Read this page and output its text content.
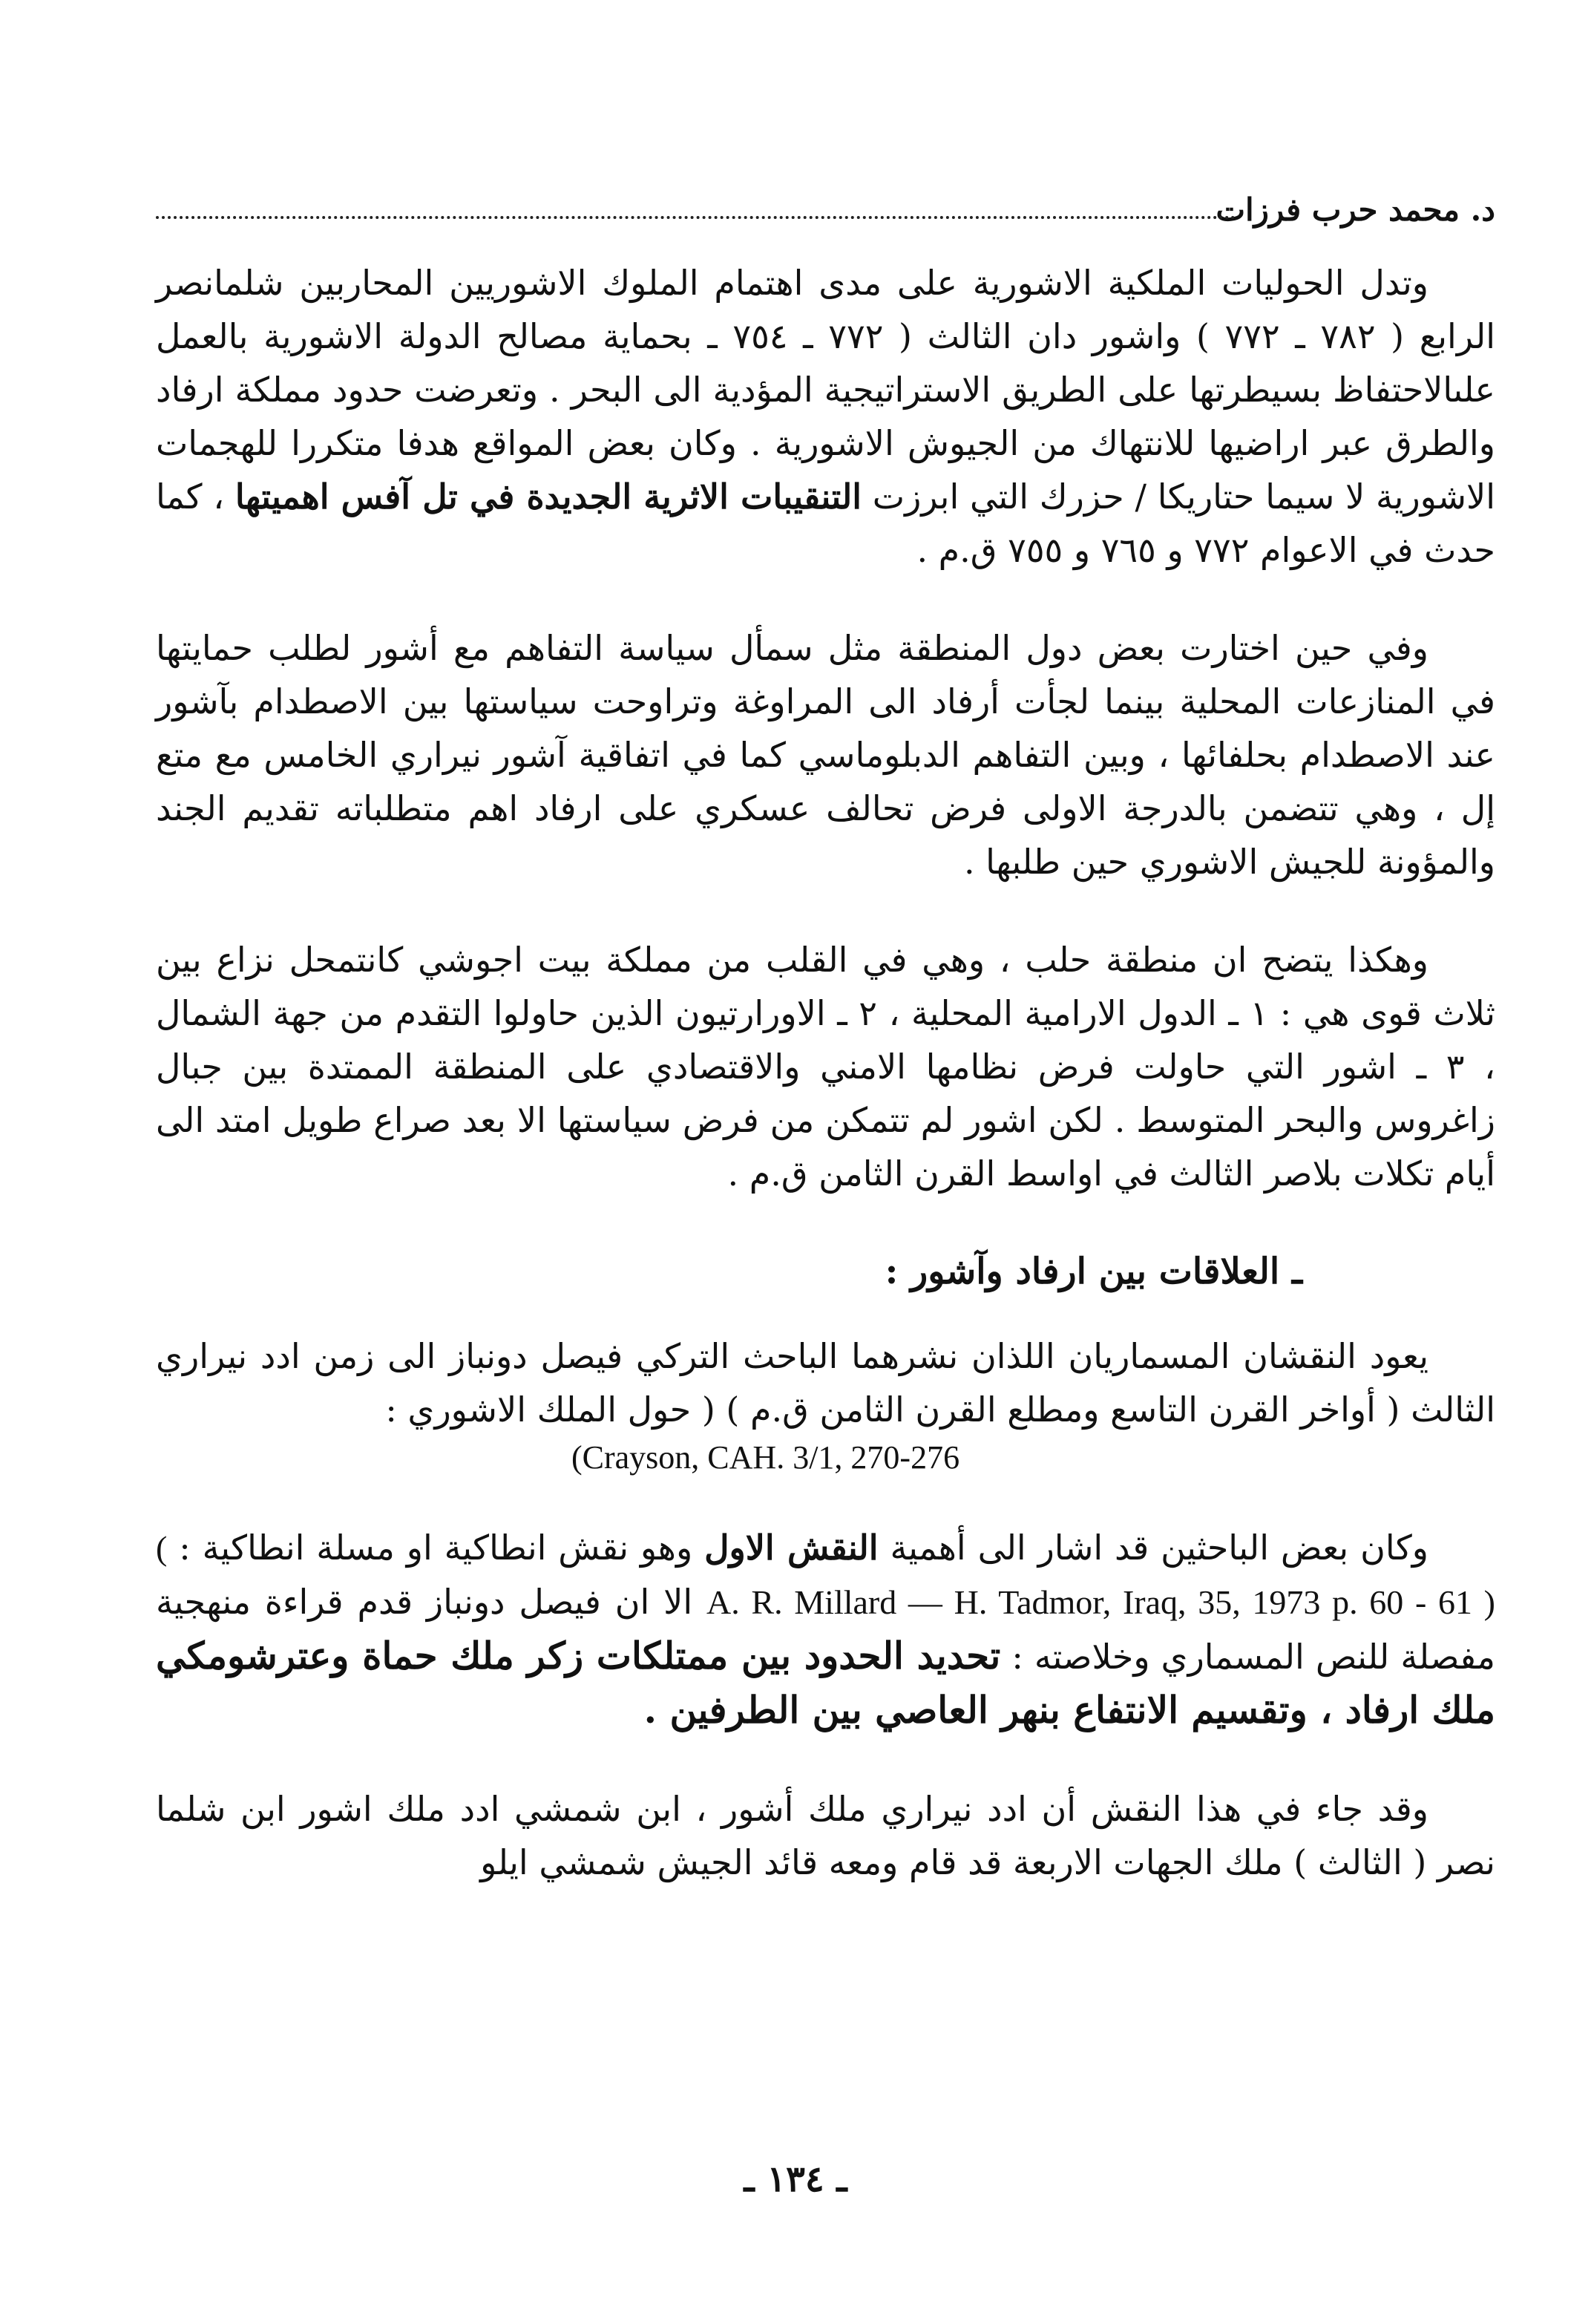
د. محمد حرب فرزات

وتدل الحوليات الملكية الاشورية على مدى اهتمام الملوك الاشوريين المحاربين شلمانصر الرابع ( ٧٨٢ ـ ٧٧٢ ) واشور دان الثالث ( ٧٧٢ ـ ٧٥٤ ـ بحماية مصالح الدولة الاشورية بالعمل علىالاحتفاظ بسيطرتها على الطريق الاستراتيجية المؤدية الى البحر . وتعرضت حدود مملكة ارفاد والطرق عبر اراضيها للانتهاك من الجيوش الاشورية . وكان بعض المواقع هدفا متكررا للهجمات الاشورية لا سيما حتاريكا / حزرك التي ابرزت التنقيبات الاثرية الجديدة في تل آفس اهميتها ، كما حدث في الاعوام ٧٧٢ و ٧٦٥ و ٧٥٥ ق.م .

وفي حين اختارت بعض دول المنطقة مثل سمأل سياسة التفاهم مع أشور لطلب حمايتها في المنازعات المحلية بينما لجأت أرفاد الى المراوغة وتراوحت سياستها بين الاصطدام بآشور عند الاصطدام بحلفائها ، وبين التفاهم الدبلوماسي كما في اتفاقية آشور نيراري الخامس مع متع إل ، وهي تتضمن بالدرجة الاولى فرض تحالف عسكري على ارفاد اهم متطلباته تقديم الجند والمؤونة للجيش الاشوري حين طلبها .

وهكذا يتضح ان منطقة حلب ، وهي في القلب من مملكة بيت اجوشي كانتمحل نزاع بين ثلاث قوى هي : ١ ـ الدول الارامية المحلية ، ٢ ـ الاورارتيون الذين حاولوا التقدم من جهة الشمال ، ٣ ـ اشور التي حاولت فرض نظامها الامني والاقتصادي على المنطقة الممتدة بين جبال زاغروس والبحر المتوسط . لكن اشور لم تتمكن من فرض سياستها الا بعد صراع طويل امتد الى أيام تكلات بلاصر الثالث في اواسط القرن الثامن ق.م .

ـ العلاقات بين ارفاد وآشور :

يعود النقشان المسماريان اللذان نشرهما الباحث التركي فيصل دونباز الى زمن ادد نيراري الثالث ( أواخر القرن التاسع ومطلع القرن الثامن ق.م ) ( حول الملك الاشوري :

(Crayson, CAH. 3/1, 270-276

وكان بعض الباحثين قد اشار الى أهمية النقش الاول وهو نقش انطاكية او مسلة انطاكية : ( A. R. Millard — H. Tadmor, Iraq, 35, 1973 p. 60 - 61 ) الا ان فيصل دونباز قدم قراءة منهجية مفصلة للنص المسماري وخلاصته : تحديد الحدود بين ممتلكات زكر ملك حماة وعترشومكي ملك ارفاد ، وتقسيم الانتفاع بنهر العاصي بين الطرفين .

وقد جاء في هذا النقش أن ادد نيراري ملك أشور ، ابن شمشي ادد ملك اشور ابن شلما نصر ( الثالث ) ملك الجهات الاربعة قد قام ومعه قائد الجيش شمشي ايلو

ـ ١٣٤ ـ
